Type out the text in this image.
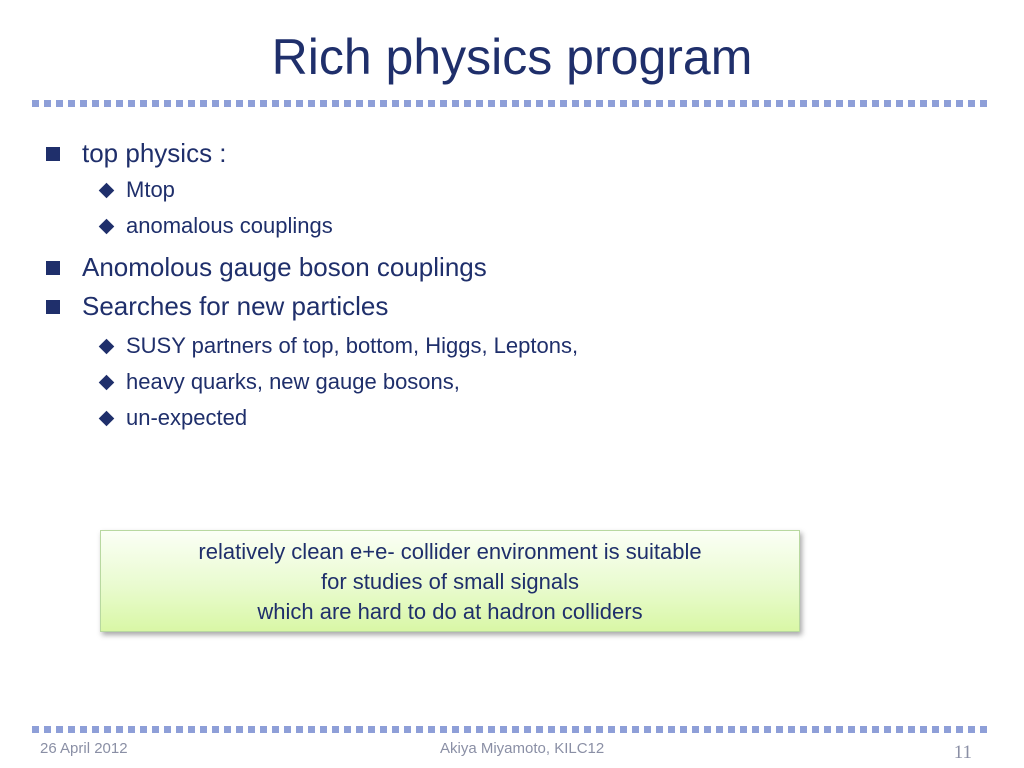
Rich physics program
top physics :
Mtop
anomalous couplings
Anomolous gauge boson couplings
Searches for new particles
SUSY partners of top, bottom, Higgs, Leptons,
heavy quarks, new gauge bosons,
un-expected
relatively clean e+e- collider environment is suitable
for studies of small signals
which are hard to do at hadron colliders
26 April 2012	Akiya Miyamoto, KILC12	11
